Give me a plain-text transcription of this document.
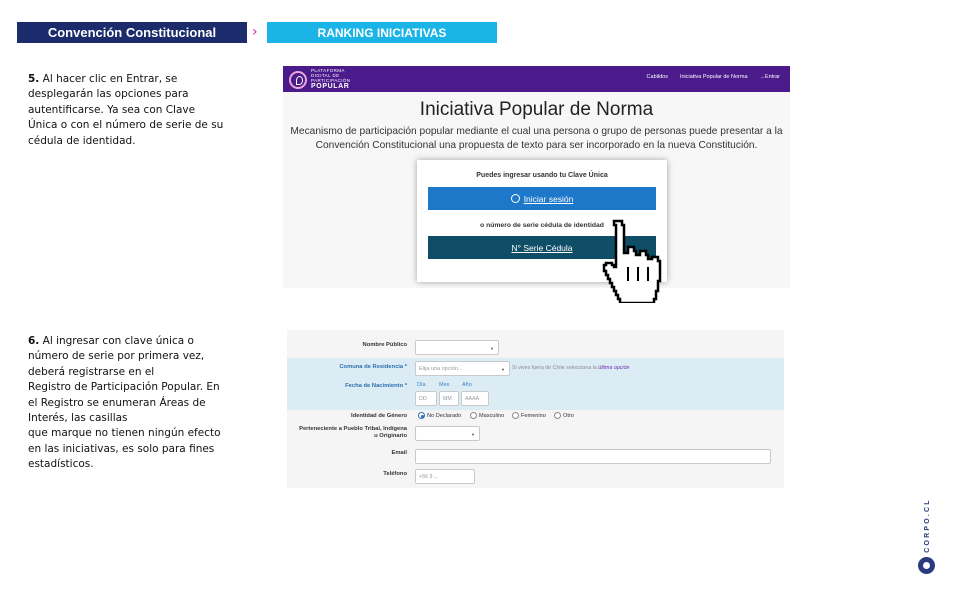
Convención Constitucional	›	RANKING INICIATIVAS
5. Al hacer clic en Entrar, se
desplegarán las opciones para
autentificarse. Ya sea con Clave
Única o con el número de serie de su
cédula de identidad.
6. Al ingresar con clave única o
número de serie por primera vez,
deberá registrarse en el
Registro de Participación Popular. En
el Registro se enumeran Áreas de
Interés, las casillas
que marque no tienen ningún efecto
en las iniciativas, es solo para fines
estadísticos.
PLATAFORMA
DIGITAL DE
PARTICIPACIÓN
POPULAR
Cabildos Iniciativa Popular de Norma
→	Entrar
Iniciativa Popular de Norma
Mecanismo de participación popular mediante el cual una persona o grupo de personas puede presentar a la
Convención Constitucional una propuesta de texto para ser incorporado en la nueva Constitución.
Puedes ingresar usando tu Clave Única
Iniciar sesión
o número de serie cédula de identidad
N° Serie Cédula
Nombre Público
▼
Comuna de Residencia * Elija una opción...	▼ Si vives fuera de Chile selecciona la última opción
Fecha de Nacimiento * Día Mes Año
DD	MM	AAAA
Identidad de Género	No Declarado	Masculino	Femenino	Otro
Perteneciente a Pueblo Tribal, Indígena
u Originario	▼
Email
Teléfono	+56 9 ...
CORPO.CL
